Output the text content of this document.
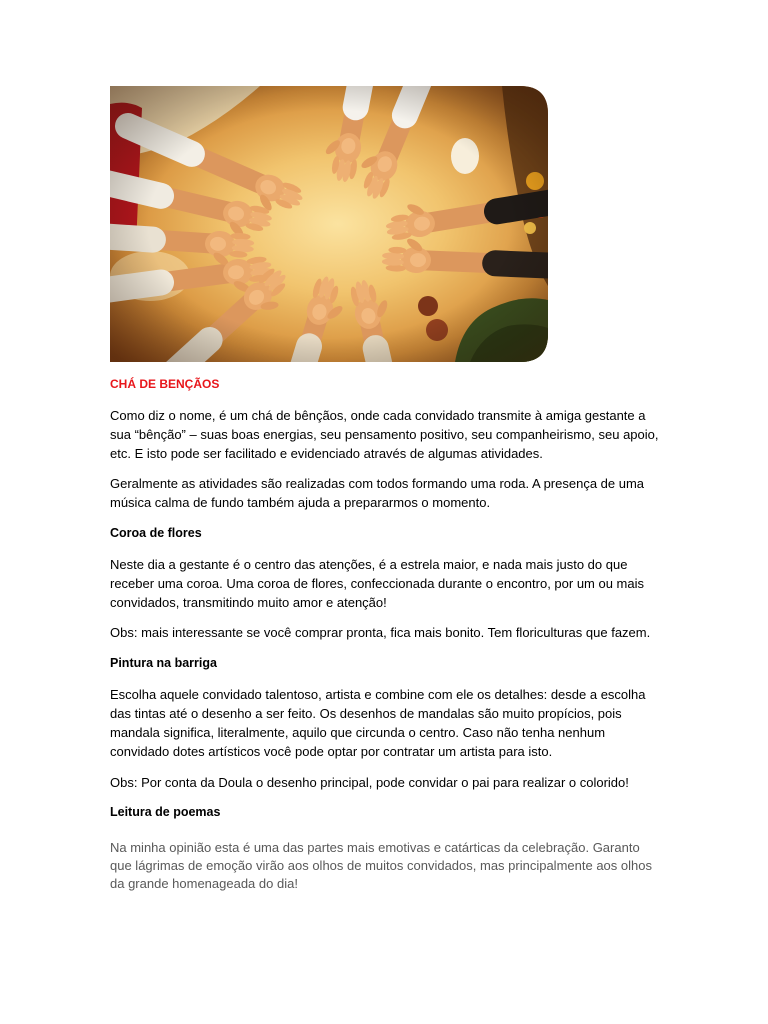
CHÁ DE BENÇÃOS

Como diz o nome, é um chá de bênçãos, onde cada convidado transmite à amiga gestante a
sua “bênção” – suas boas energias, seu pensamento positivo, seu companheirismo, seu apoio,
etc. E isto pode ser facilitado e evidenciado através de algumas atividades.

Geralmente as atividades são realizadas com todos formando uma roda. A presença de uma
música calma de fundo também ajuda a prepararmos o momento.

Coroa de flores

Neste dia a gestante é o centro das atenções, é a estrela maior, e nada mais justo do que
receber uma coroa. Uma coroa de flores, confeccionada durante o encontro, por um ou mais
convidados, transmitindo muito amor e atenção!

Obs: mais interessante se você comprar pronta, fica mais bonito. Tem floriculturas que fazem.

Pintura na barriga

Escolha aquele convidado talentoso, artista e combine com ele os detalhes: desde a escolha
das tintas até o desenho a ser feito. Os desenhos de mandalas são muito propícios, pois
mandala significa, literalmente, aquilo que circunda o centro. Caso não tenha nenhum
convidado dotes artísticos você pode optar por contratar um artista para isto.

Obs: Por conta da Doula o desenho principal, pode convidar o pai para realizar o colorido!

Leitura de poemas

Na minha opinião esta é uma das partes mais emotivas e catárticas da celebração. Garanto
que lágrimas de emoção virão aos olhos de muitos convidados, mas principalmente aos olhos
da grande homenageada do dia!
